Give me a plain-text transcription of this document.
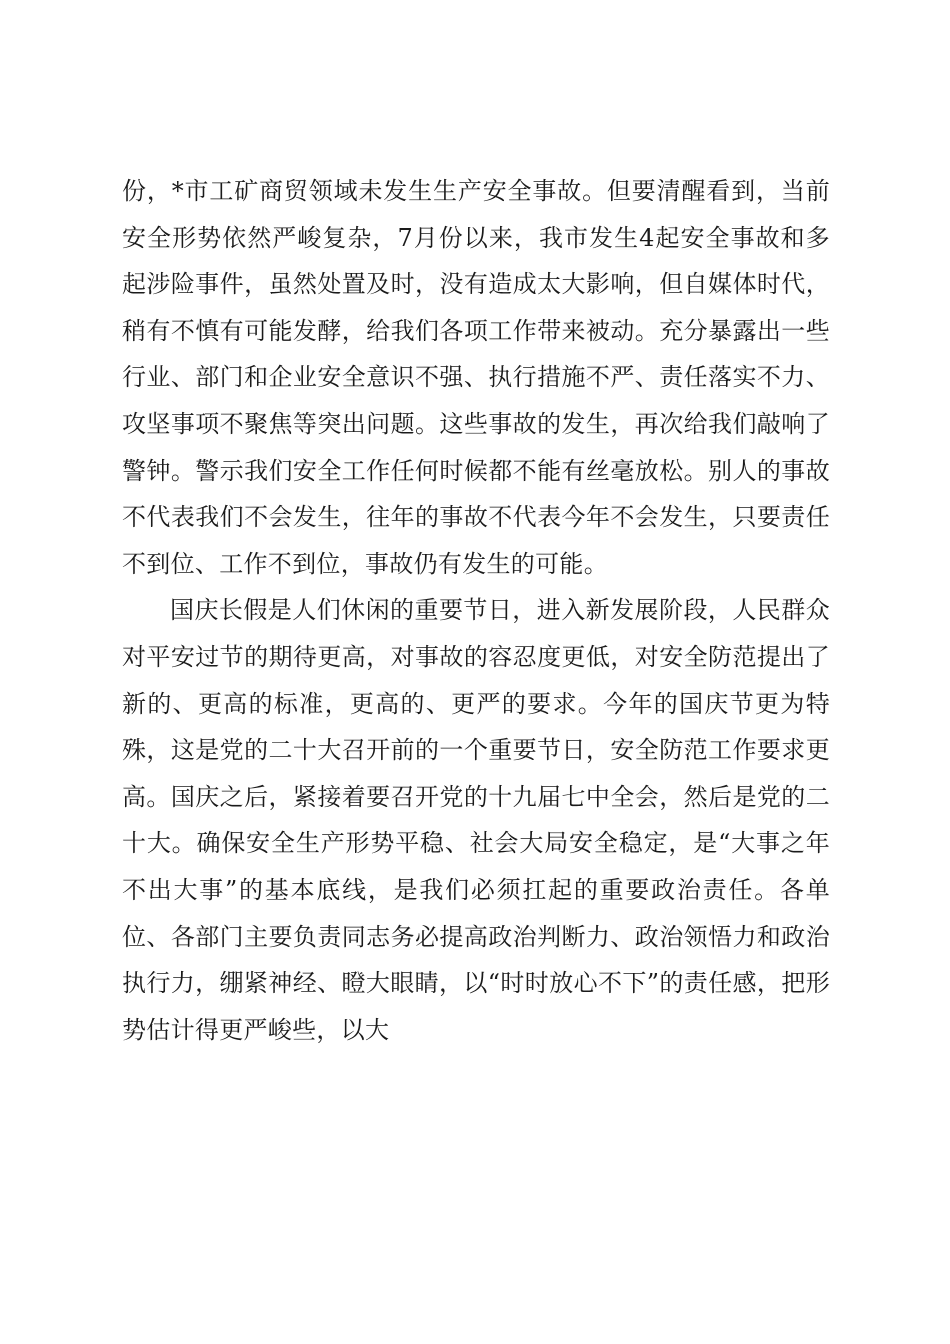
份，*市工矿商贸领域未发生生产安全事故。但要清醒看到，当前安全形势依然严峻复杂，7月份以来，我市发生4起安全事故和多起涉险事件，虽然处置及时，没有造成太大影响，但自媒体时代，稍有不慎有可能发酵，给我们各项工作带来被动。充分暴露出一些行业、部门和企业安全意识不强、执行措施不严、责任落实不力、攻坚事项不聚焦等突出问题。这些事故的发生，再次给我们敲响了警钟。警示我们安全工作任何时候都不能有丝毫放松。别人的事故不代表我们不会发生，往年的事故不代表今年不会发生，只要责任不到位、工作不到位，事故仍有发生的可能。

国庆长假是人们休闲的重要节日，进入新发展阶段，人民群众对平安过节的期待更高，对事故的容忍度更低，对安全防范提出了新的、更高的标准，更高的、更严的要求。今年的国庆节更为特殊，这是党的二十大召开前的一个重要节日，安全防范工作要求更高。国庆之后，紧接着要召开党的十九届七中全会，然后是党的二十大。确保安全生产形势平稳、社会大局安全稳定，是“大事之年不出大事”的基本底线，是我们必须扛起的重要政治责任。各单位、各部门主要负责同志务必提高政治判断力、政治领悟力和政治执行力，绷紧神经、瞪大眼睛，以“时时放心不下”的责任感，把形势估计得更严峻些，以大
